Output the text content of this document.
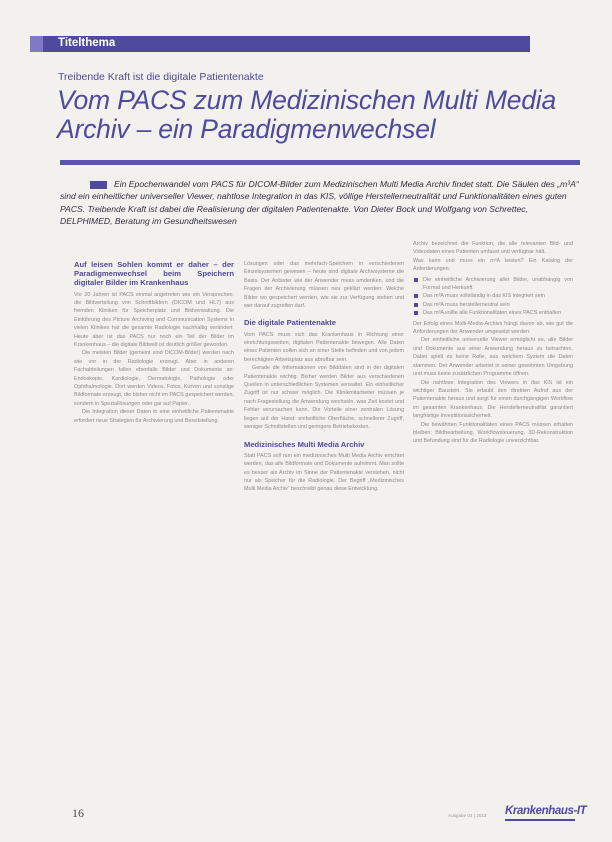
Titelthema
Treibende Kraft ist die digitale Patientenakte
Vom PACS zum Medizinischen Multi Media Archiv – ein Paradigmenwechsel
Ein Epochenwandel vom PACS für DICOM-Bilder zum Medizinischen Multi Media Archiv findet statt. Die Säulen des „m³A“ sind ein einheitlicher universeller Viewer, nahtlose Integration in das KIS, völlige Herstellerneutralität und Funktionalitäten eines guten PACS. Treibende Kraft ist dabei die Realisierung der digitalen Patientenakte. Von Dieter Bock und Wolfgang von Schrettec, DELPHIMED, Beratung im Gesundheitswesen
Auf leisen Sohlen kommt er daher – der Paradigmenwechsel beim Speichern digitaler Bilder im Krankenhaus

Vor 20 Jahren ist PACS einmal angetreten wie ein Versprechen: die Bildverteilung von Schnittbildern (DICOM und HL7) aus fremden Kliniken für Speicherplatz und Bildverwaltung. Die Einführung des Picture Archiving and Communication Systems in vielen Kliniken hat die gesamte Radiologie nachhaltig verändert. Heute aber ist das PACS nur noch ein Teil der Bilder im Krankenhaus – die digitale Bildwelt ist deutlich größer geworden.

Die meisten Bilder (gemeint sind DICOM-Bilder) werden nach wie vor in der Radiologie erzeugt. Aber in anderen Fachabteilungen fallen ebenfalls Bilder und Dokumente an: Endoskopie, Kardiologie, Dermatologie, Pathologie oder Ophthalmologie. Dort werden Videos, Fotos, Kurven und sonstige Bildformate erzeugt, die bisher nicht im PACS gespeichert werden, sondern in Speziallösungen oder gar auf Papier.

Die Integration dieser Daten in eine einheitliche Patientenakte erfordert neue Strategien für Archivierung und Bereitstellung.

Lösungen oder das mehrfach-Speichern in verschiedenen Einzelsystemen gewesen – heute sind digitale Archivsysteme die Basis. Der Anbieter wie der Anwender muss umdenken, und die Fragen der Archivierung müssen neu geklärt werden: Welche Bilder wo gespeichert werden, wie sie zur Verfügung stehen und wer darauf zugreifen darf.

Die digitale Patientenakte

Vom PACS muss sich das Krankenhaus in Richtung einer einrichtungsweiten, digitalen Patientenakte bewegen. Alle Daten eines Patienten sollen sich an einer Stelle befinden und von jedem berechtigten Arbeitsplatz aus abrufbar sein.

Gerade die Informationen von Bilddaten sind in der digitalen Patientenakte wichtig. Bisher werden Bilder aus verschiedenen Quellen in unterschiedlichen Systemen verwaltet. Ein einheitlicher Zugriff ist nur schwer möglich. Die Klinikmitarbeiter müssen je nach Fragestellung die Anwendung wechseln, was Zeit kostet und Fehler verursachen kann. Die Vorteile einer zentralen Lösung liegen auf der Hand: einheitliche Oberfläche, schnellerer Zugriff, weniger Schnittstellen und geringere Betriebskosten.

Medizinisches Multi Media Archiv

Statt PACS soll nun ein medizinisches Multi Media Archiv errichtet werden, das alle Bildformate und Dokumente aufnimmt. Man sollte es besser als Archiv im Sinne der Patientenakte verstehen, nicht nur als Speicher für die Radiologie. Der Begriff „Medizinisches Multi Media Archiv“ beschreibt genau diese Entwicklung.

Archiv bezeichnet die Funktion, die alle relevanten Bild- und Videodaten eines Patienten umfasst und verfügbar hält.

Was kann und muss ein m³A leisten? Ein Katalog der Anforderungen:

Die einheitliche Archivierung aller Bilder, unabhängig von Format und Herkunft
Das m³A muss vollständig in das KIS integriert sein
Das m³A muss herstellerneutral sein
Das m³A sollte alle Funktionalitäten eines PACS enthalten

Der Erfolg eines Multi-Media-Archivs hängt davon ab, wie gut die Anforderungen der Anwender umgesetzt werden.

Der einheitliche universelle Viewer ermöglicht es, alle Bilder und Dokumente aus einer Anwendung heraus zu betrachten. Dabei spielt es keine Rolle, aus welchem System die Daten stammen. Der Anwender arbeitet in seiner gewohnten Umgebung und muss keine zusätzlichen Programme öffnen.

Die nahtlose Integration des Viewers in das KIS ist ein wichtiger Baustein. Sie erlaubt den direkten Aufruf aus der Patientenakte heraus und sorgt für einen durchgängigen Workflow im gesamten Krankenhaus. Die Herstellerneutralität garantiert langfristige Investitionssicherheit.

Die bewährten Funktionalitäten eines PACS müssen erhalten bleiben: Bildbearbeitung, Workflowsteuerung, 3D-Rekonstruktion und Befundung sind für die Radiologie unverzichtbar.

16	Ausgabe 04 | 2013 Krankenhaus-IT
